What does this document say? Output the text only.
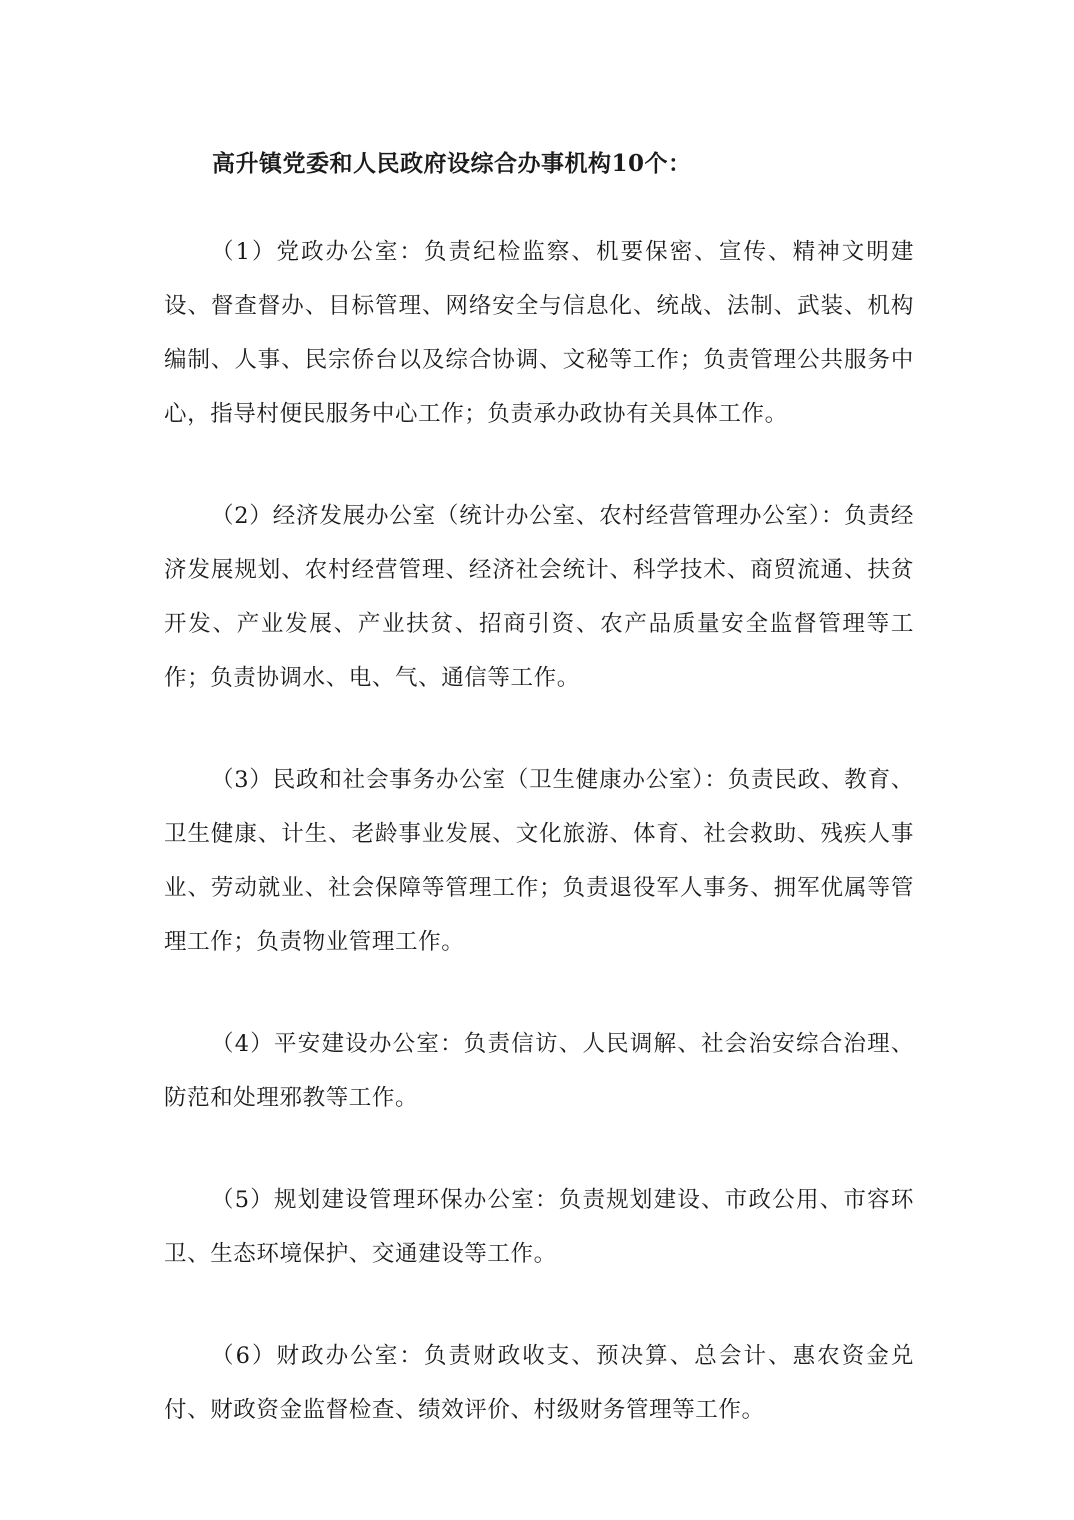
高升镇党委和人民政府设综合办事机构10个：

（1）党政办公室：负责纪检监察、机要保密、宣传、精神文明建设、督查督办、目标管理、网络安全与信息化、统战、法制、武装、机构编制、人事、民宗侨台以及综合协调、文秘等工作；负责管理公共服务中心，指导村便民服务中心工作；负责承办政协有关具体工作。

（2）经济发展办公室（统计办公室、农村经营管理办公室）：负责经济发展规划、农村经营管理、经济社会统计、科学技术、商贸流通、扶贫开发、产业发展、产业扶贫、招商引资、农产品质量安全监督管理等工作；负责协调水、电、气、通信等工作。

（3）民政和社会事务办公室（卫生健康办公室）：负责民政、教育、卫生健康、计生、老龄事业发展、文化旅游、体育、社会救助、残疾人事业、劳动就业、社会保障等管理工作；负责退役军人事务、拥军优属等管理工作；负责物业管理工作。

（4）平安建设办公室：负责信访、人民调解、社会治安综合治理、防范和处理邪教等工作。

（5）规划建设管理环保办公室：负责规划建设、市政公用、市容环卫、生态环境保护、交通建设等工作。

（6）财政办公室：负责财政收支、预决算、总会计、惠农资金兑付、财政资金监督检查、绩效评价、村级财务管理等工作。
